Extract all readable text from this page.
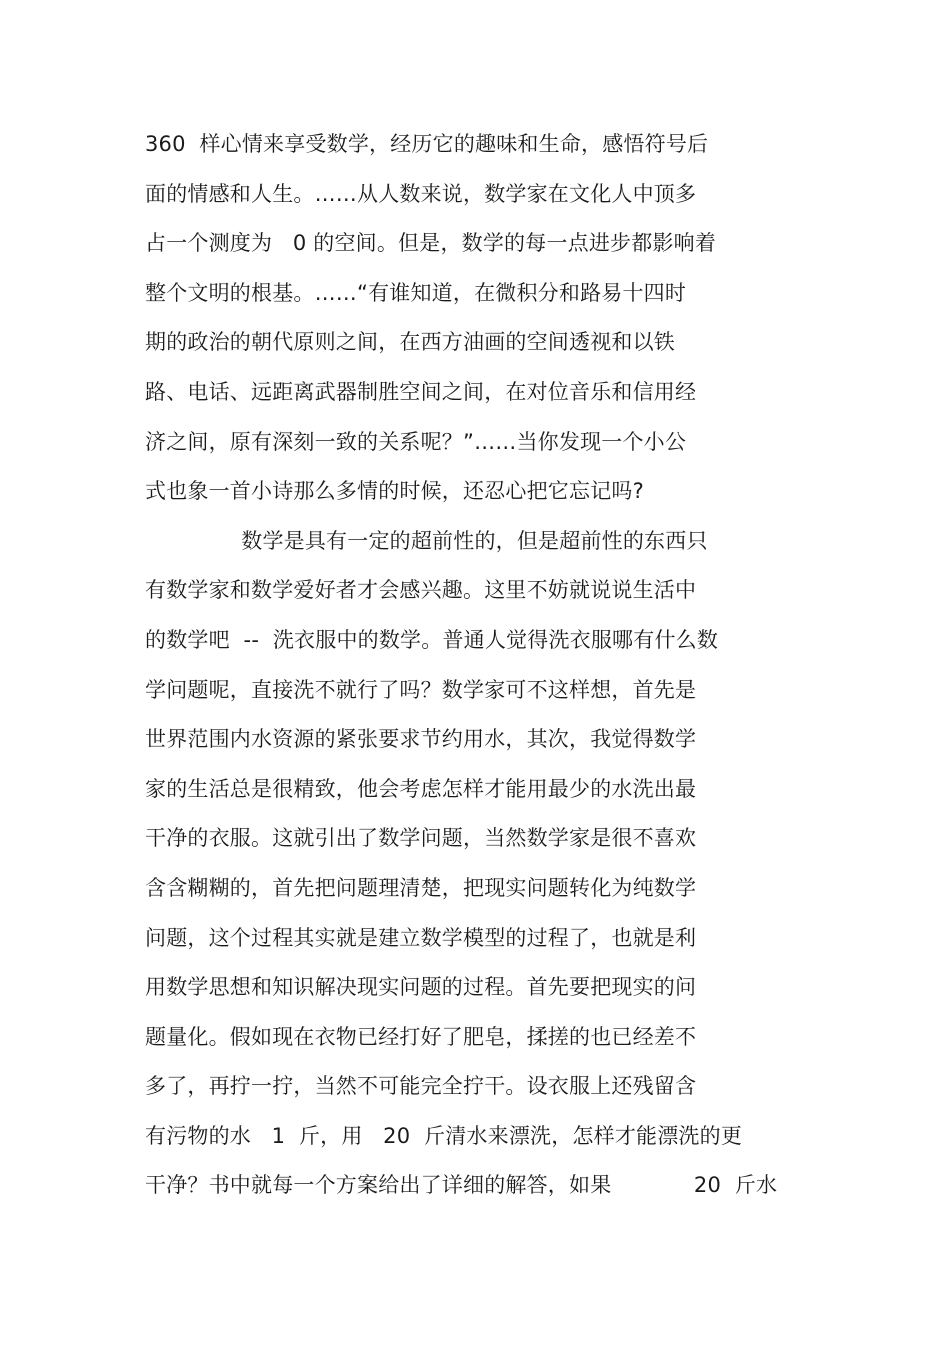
360  样心情来享受数学，经历它的趣味和生命，感悟符号后
面的情感和人生。……从人数来说，数学家在文化人中顶多
占一个测度为   0 的空间。但是，数学的每一点进步都影响着
整个文明的根基。……“有谁知道，在微积分和路易十四时
期的政治的朝代原则之间，在西方油画的空间透视和以铁
路、电话、远距离武器制胜空间之间，在对位音乐和信用经
济之间，原有深刻一致的关系呢？”……当你发现一个小公
式也象一首小诗那么多情的时候，还忍心把它忘记吗?
数学是具有一定的超前性的，但是超前性的东西只
有数学家和数学爱好者才会感兴趣。这里不妨就说说生活中
的数学吧  --  洗衣服中的数学。普通人觉得洗衣服哪有什么数
学问题呢，直接洗不就行了吗？数学家可不这样想，首先是
世界范围内水资源的紧张要求节约用水，其次，我觉得数学
家的生活总是很精致，他会考虑怎样才能用最少的水洗出最
干净的衣服。这就引出了数学问题，当然数学家是很不喜欢
含含糊糊的，首先把问题理清楚，把现实问题转化为纯数学
问题，这个过程其实就是建立数学模型的过程了，也就是利
用数学思想和知识解决现实问题的过程。首先要把现实的问
题量化。假如现在衣物已经打好了肥皂，揉搓的也已经差不
多了，再拧一拧，当然不可能完全拧干。设衣服上还残留含
有污物的水   1  斤，用   20  斤清水来漂洗，怎样才能漂洗的更
干净？书中就每一个方案给出了详细的解答，如果            20  斤水
